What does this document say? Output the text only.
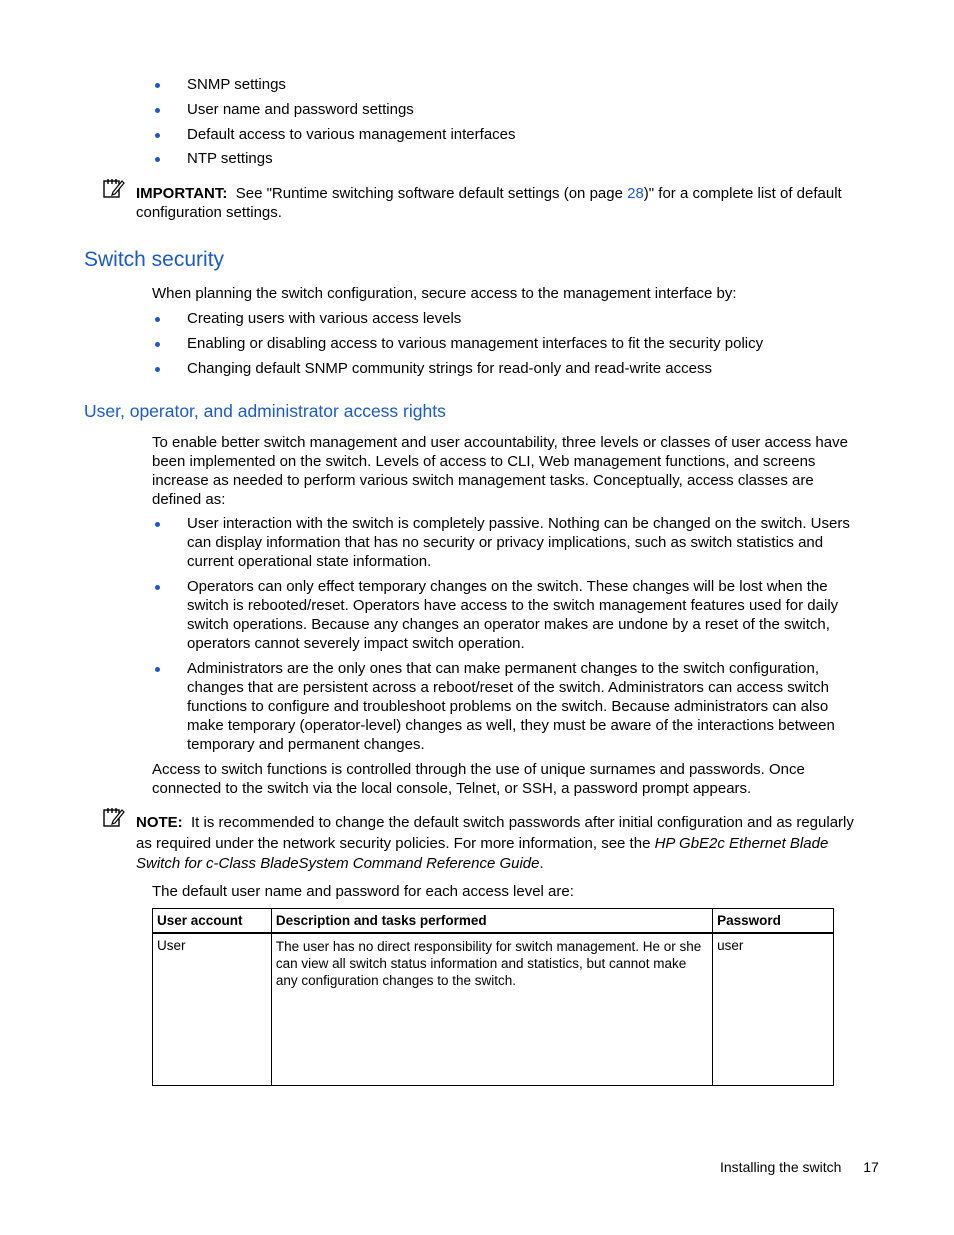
SNMP settings
User name and password settings
Default access to various management interfaces
NTP settings
IMPORTANT: See "Runtime switching software default settings (on page 28)" for a complete list of default configuration settings.
Switch security
When planning the switch configuration, secure access to the management interface by:
Creating users with various access levels
Enabling or disabling access to various management interfaces to fit the security policy
Changing default SNMP community strings for read-only and read-write access
User, operator, and administrator access rights
To enable better switch management and user accountability, three levels or classes of user access have been implemented on the switch. Levels of access to CLI, Web management functions, and screens increase as needed to perform various switch management tasks. Conceptually, access classes are defined as:
User interaction with the switch is completely passive. Nothing can be changed on the switch. Users can display information that has no security or privacy implications, such as switch statistics and current operational state information.
Operators can only effect temporary changes on the switch. These changes will be lost when the switch is rebooted/reset. Operators have access to the switch management features used for daily switch operations. Because any changes an operator makes are undone by a reset of the switch, operators cannot severely impact switch operation.
Administrators are the only ones that can make permanent changes to the switch configuration, changes that are persistent across a reboot/reset of the switch. Administrators can access switch functions to configure and troubleshoot problems on the switch. Because administrators can also make temporary (operator-level) changes as well, they must be aware of the interactions between temporary and permanent changes.
Access to switch functions is controlled through the use of unique surnames and passwords. Once connected to the switch via the local console, Telnet, or SSH, a password prompt appears.
NOTE: It is recommended to change the default switch passwords after initial configuration and as regularly as required under the network security policies. For more information, see the HP GbE2c Ethernet Blade Switch for c-Class BladeSystem Command Reference Guide.
The default user name and password for each access level are:
User account	Description and tasks performed	Password
User	The user has no direct responsibility for switch management. He or she can view all switch status information and statistics, but cannot make any configuration changes to the switch.	user
Installing the switch 17
